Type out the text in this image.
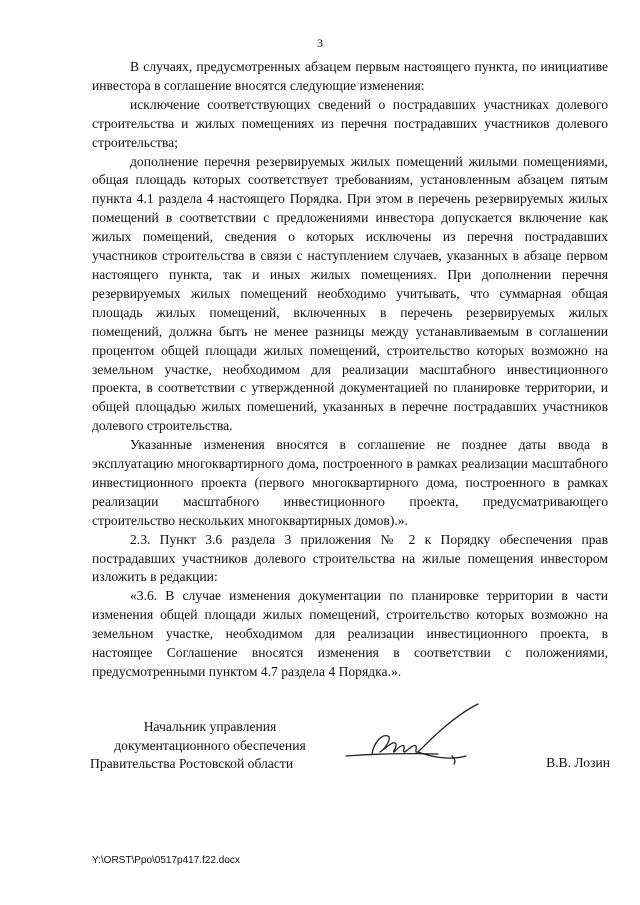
3

В случаях, предусмотренных абзацем первым настоящего пункта, по инициативе инвестора в соглашение вносятся следующие изменения:

исключение соответствующих сведений о пострадавших участниках долевого строительства и жилых помещениях из перечня пострадавших участников долевого строительства;

дополнение перечня резервируемых жилых помещений жилыми помещениями, общая площадь которых соответствует требованиям, установленным абзацем пятым пункта 4.1 раздела 4 настоящего Порядка. При этом в перечень резервируемых жилых помещений в соответствии с предложениями инвестора допускается включение как жилых помещений, сведения о которых исключены из перечня пострадавших участников строительства в связи с наступлением случаев, указанных в абзаце первом настоящего пункта, так и иных жилых помещениях. При дополнении перечня резервируемых жилых помещений необходимо учитывать, что суммарная общая площадь жилых помещений, включенных в перечень резервируемых жилых помещений, должна быть не менее разницы между устанавливаемым в соглашении процентом общей площади жилых помещений, строительство которых возможно на земельном участке, необходимом для реализации масштабного инвестиционного проекта, в соответствии с утвержденной документацией по планировке территории, и общей площадью жилых помешений, указанных в перечне пострадавших участников долевого строительства.

Указанные изменения вносятся в соглашение не позднее даты ввода в эксплуатацию многоквартирного дома, построенного в рамках реализации масштабного инвестиционного проекта (первого многоквартирного дома, построенного в рамках реализации масштабного инвестиционного проекта, предусматривающего строительство нескольких многоквартирных домов).».

2.3. Пункт 3.6 раздела 3 приложения № 2 к Порядку обеспечения прав пострадавших участников долевого строительства на жилые помещения инвестором изложить в редакции:

«3.6. В случае изменения документации по планировке территории в части изменения общей площади жилых помещений, строительство которых возможно на земельном участке, необходимом для реализации инвестиционного проекта, в настоящее Соглашение вносятся изменения в соответствии с положениями, предусмотренными пунктом 4.7 раздела 4 Порядка.».

Начальник управления
документационного обеспечения
Правительства Ростовской области	В.В. Лозин
Y:\ORST\Ppo\0517p417.f22.docx
